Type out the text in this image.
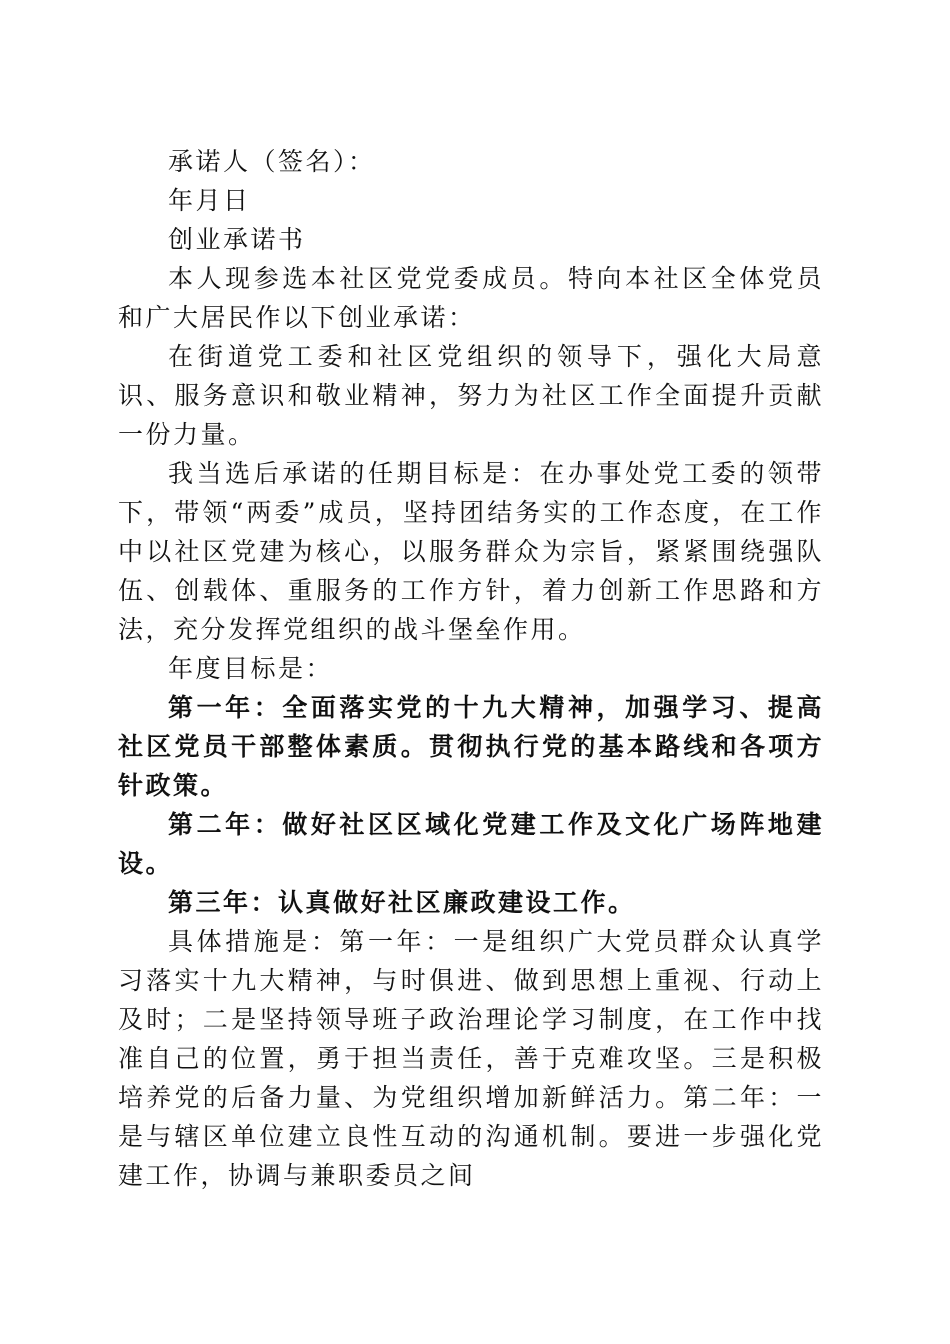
承诺人（签名）：

年月日

创业承诺书

本人现参选本社区党党委成员。特向本社区全体党员和广大居民作以下创业承诺：

在街道党工委和社区党组织的领导下，强化大局意识、服务意识和敬业精神，努力为社区工作全面提升贡献一份力量。

我当选后承诺的任期目标是：在办事处党工委的领带下，带领“两委”成员，坚持团结务实的工作态度，在工作中以社区党建为核心，以服务群众为宗旨，紧紧围绕强队伍、创载体、重服务的工作方针，着力创新工作思路和方法，充分发挥党组织的战斗堡垒作用。

年度目标是：

第一年：全面落实党的十九大精神，加强学习、提高社区党员干部整体素质。贯彻执行党的基本路线和各项方针政策。

第二年：做好社区区域化党建工作及文化广场阵地建设。

第三年：认真做好社区廉政建设工作。

具体措施是：第一年：一是组织广大党员群众认真学习落实十九大精神，与时俱进、做到思想上重视、行动上及时；二是坚持领导班子政治理论学习制度，在工作中找准自己的位置，勇于担当责任，善于克难攻坚。三是积极培养党的后备力量、为党组织增加新鲜活力。第二年：一是与辖区单位建立良性互动的沟通机制。要进一步强化党建工作，协调与兼职委员之间
